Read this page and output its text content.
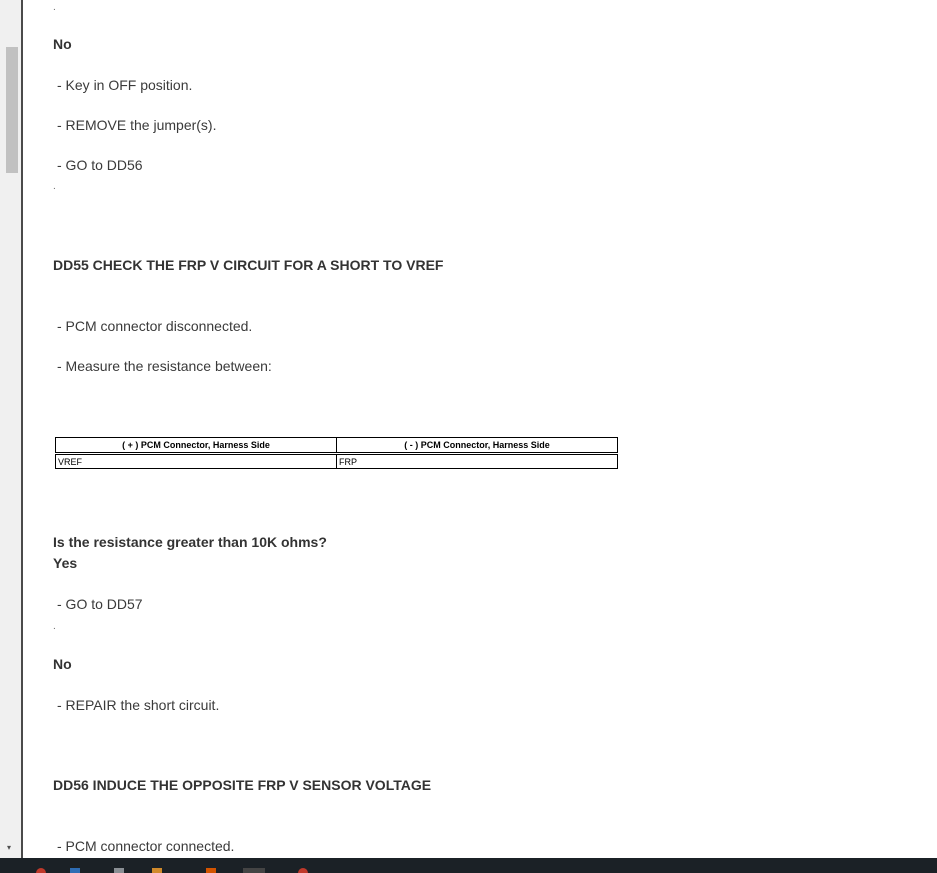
▾
.
No
- Key in OFF position.
- REMOVE the jumper(s).
- GO to DD56
.
DD55 CHECK THE FRP V CIRCUIT FOR A SHORT TO VREF
- PCM connector disconnected.
- Measure the resistance between:
( + ) PCM Connector, Harness Side	( - ) PCM Connector, Harness Side
VREF	FRP
Is the resistance greater than 10K ohms?
Yes
- GO to DD57
.
No
- REPAIR the short circuit.
DD56 INDUCE THE OPPOSITE FRP V SENSOR VOLTAGE
- PCM connector connected.
